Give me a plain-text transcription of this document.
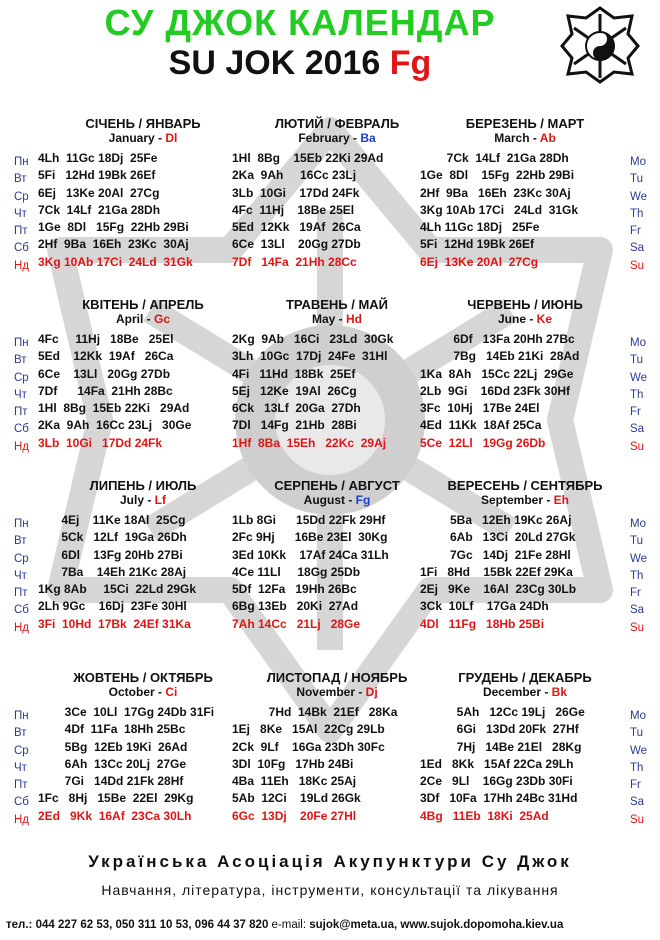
СУ ДЖОК КАЛЕНДАР
SU JOK 2016 Fg
Пн
Вт
Ср
Чт
Пт
Сб
Нд
Пн
Вт
Ср
Чт
Пт
Сб
Нд
Пн
Вт
Ср
Чт
Пт
Сб
Нд
Пн
Вт
Ср
Чт
Пт
Сб
Нд
Mo
Tu
We
Th
Fr
Sa
Su
Mo
Tu
We
Th
Fr
Sa
Su
Mo
Tu
We
Th
Fr
Sa
Su
Mo
Tu
We
Th
Fr
Sa
Su
СІЧЕНЬ / ЯНВАРЬ
January - Dl
4Lh  11Gc 18Dj  25Fe
5Fi   12Hd 19Bk 26Ef
6Ej   13Ke 20Al  27Cg
7Ck  14Lf  21Ga 28Dh
1Ge  8Dl   15Fg  22Hb 29Bi
2Hf  9Ba  16Eh  23Kc  30Aj
3Kg 10Ab 17Ci  24Ld  31Gk
ЛЮТИЙ / ФЕВРАЛЬ
February - Ba
1Hl  8Bg    15Eb 22Ki 29Ad
2Ka  9Ah     16Cc 23Lj
3Lb  10Gi    17Dd 24Fk
4Fc  11Hj    18Be 25El
5Ed  12Kk   19Af  26Ca
6Ce  13Ll    20Gg 27Db
7Df   14Fa  21Hh 28Cc
БЕРЕЗЕНЬ / МАРТ
March - Ab
7Ck  14Lf  21Ga 28Dh
1Ge  8Dl    15Fg  22Hb 29Bi
2Hf  9Ba   16Eh  23Kc 30Aj
3Kg 10Ab 17Ci   24Ld  31Gk
4Lh 11Gc 18Dj   25Fe
5Fi  12Hd 19Bk 26Ef
6Ej  13Ke 20Al  27Cg
КВІТЕНЬ / АПРЕЛЬ
April - Gc
4Fc     11Hj   18Be   25El
5Ed    12Kk  19Af   26Ca
6Ce    13Ll   20Gg 27Db
7Df      14Fa  21Hh 28Bc
1Hl  8Bg  15Eb 22Ki   29Ad
2Ka  9Ah  16Cc 23Lj   30Ge
3Lb  10Gi   17Dd 24Fk
ТРАВЕНЬ / МАЙ
May - Hd
2Kg  9Ab   16Ci   23Ld  30Gk
3Lh  10Gc  17Dj  24Fe  31Hl
4Fi   11Hd  18Bk  25Ef
5Ej   12Ke  19Al  26Cg
6Ck   13Lf  20Ga  27Dh
7Dl   14Fg  21Hb  28Bi
1Hf  8Ba  15Eh   22Kc  29Aj
ЧЕРВЕНЬ / ИЮНЬ
June - Ke
6Df   13Fa 20Hh 27Bc
7Bg   14Eb 21Ki  28Ad
1Ka  8Ah   15Cc 22Lj  29Ge
2Lb  9Gi    16Dd 23Fk 30Hf
3Fc  10Hj   17Be 24El
4Ed  11Kk  18Af 25Ca
5Ce  12Ll   19Gg 26Db
ЛИПЕНЬ / ИЮЛЬ
July - Lf
4Ej    11Ke 18Al  25Cg
5Ck   12Lf  19Ga 26Dh
6Dl    13Fg 20Hb 27Bi
7Ba    14Eh 21Kc 28Aj
1Kg 8Ab     15Ci  22Ld 29Gk
2Lh 9Gc    16Dj  23Fe 30Hl
3Fi  10Hd  17Bk  24Ef 31Ka
СЕРПЕНЬ / АВГУСТ
August - Fg
1Lb 8Gi      15Dd 22Fk 29Hf
2Fc 9Hj      16Be 23El  30Kg
3Ed 10Kk    17Af 24Ca 31Lh
4Ce 11Ll     18Gg 25Db
5Df  12Fa   19Hh 26Bc
6Bg 13Eb   20Ki  27Ad
7Ah 14Cc   21Lj   28Ge
ВЕРЕСЕНЬ / СЕНТЯБРЬ
September - Eh
5Ba   12Eh 19Kc 26Aj
6Ab   13Ci  20Ld 27Gk
7Gc   14Dj  21Fe 28Hl
1Fi   8Hd    15Bk 22Ef 29Ka
2Ej   9Ke    16Al  23Cg 30Lb
3Ck  10Lf    17Ga 24Dh
4Dl   11Fg   18Hb 25Bi
ЖОВТЕНЬ / ОКТЯБРЬ
October - Ci
3Ce  10Ll  17Gg 24Db 31Fi
4Df  11Fa  18Hh 25Bc
5Bg  12Eb 19Ki  26Ad
6Ah  13Cc 20Lj  27Ge
7Gi   14Dd 21Fk 28Hf
1Fc   8Hj   15Be  22El  29Kg
2Ed   9Kk  16Af  23Ca 30Lh
ЛИСТОПАД / НОЯБРЬ
November - Dj
7Hd  14Bk  21Ef   28Ka
1Ej   8Ke   15Al  22Cg 29Lb
2Ck  9Lf    16Ga 23Dh 30Fc
3Dl  10Fg   17Hb 24Bi
4Ba  11Eh   18Kc 25Aj
5Ab  12Ci    19Ld 26Gk
6Gc  13Dj    20Fe 27Hl
ГРУДЕНЬ / ДЕКАБРЬ
December - Bk
5Ah   12Cc 19Lj   26Ge
6Gi   13Dd 20Fk  27Hf
7Hj   14Be 21El   28Kg
1Ed   8Kk   15Af 22Ca 29Lh
2Ce   9Ll    16Gg 23Db 30Fi
3Df   10Fa  17Hh 24Bc 31Hd
4Bg   11Eb  18Ki  25Ad
Українська Асоціація Акупунктури Су Джок
Навчання, література, інструменти, консультації та лікування
тел.: 044 227 62 53, 050 311 10 53, 096 44 37 820 e-mail: sujok@meta.ua, www.sujok.dopomoha.kiev.ua
